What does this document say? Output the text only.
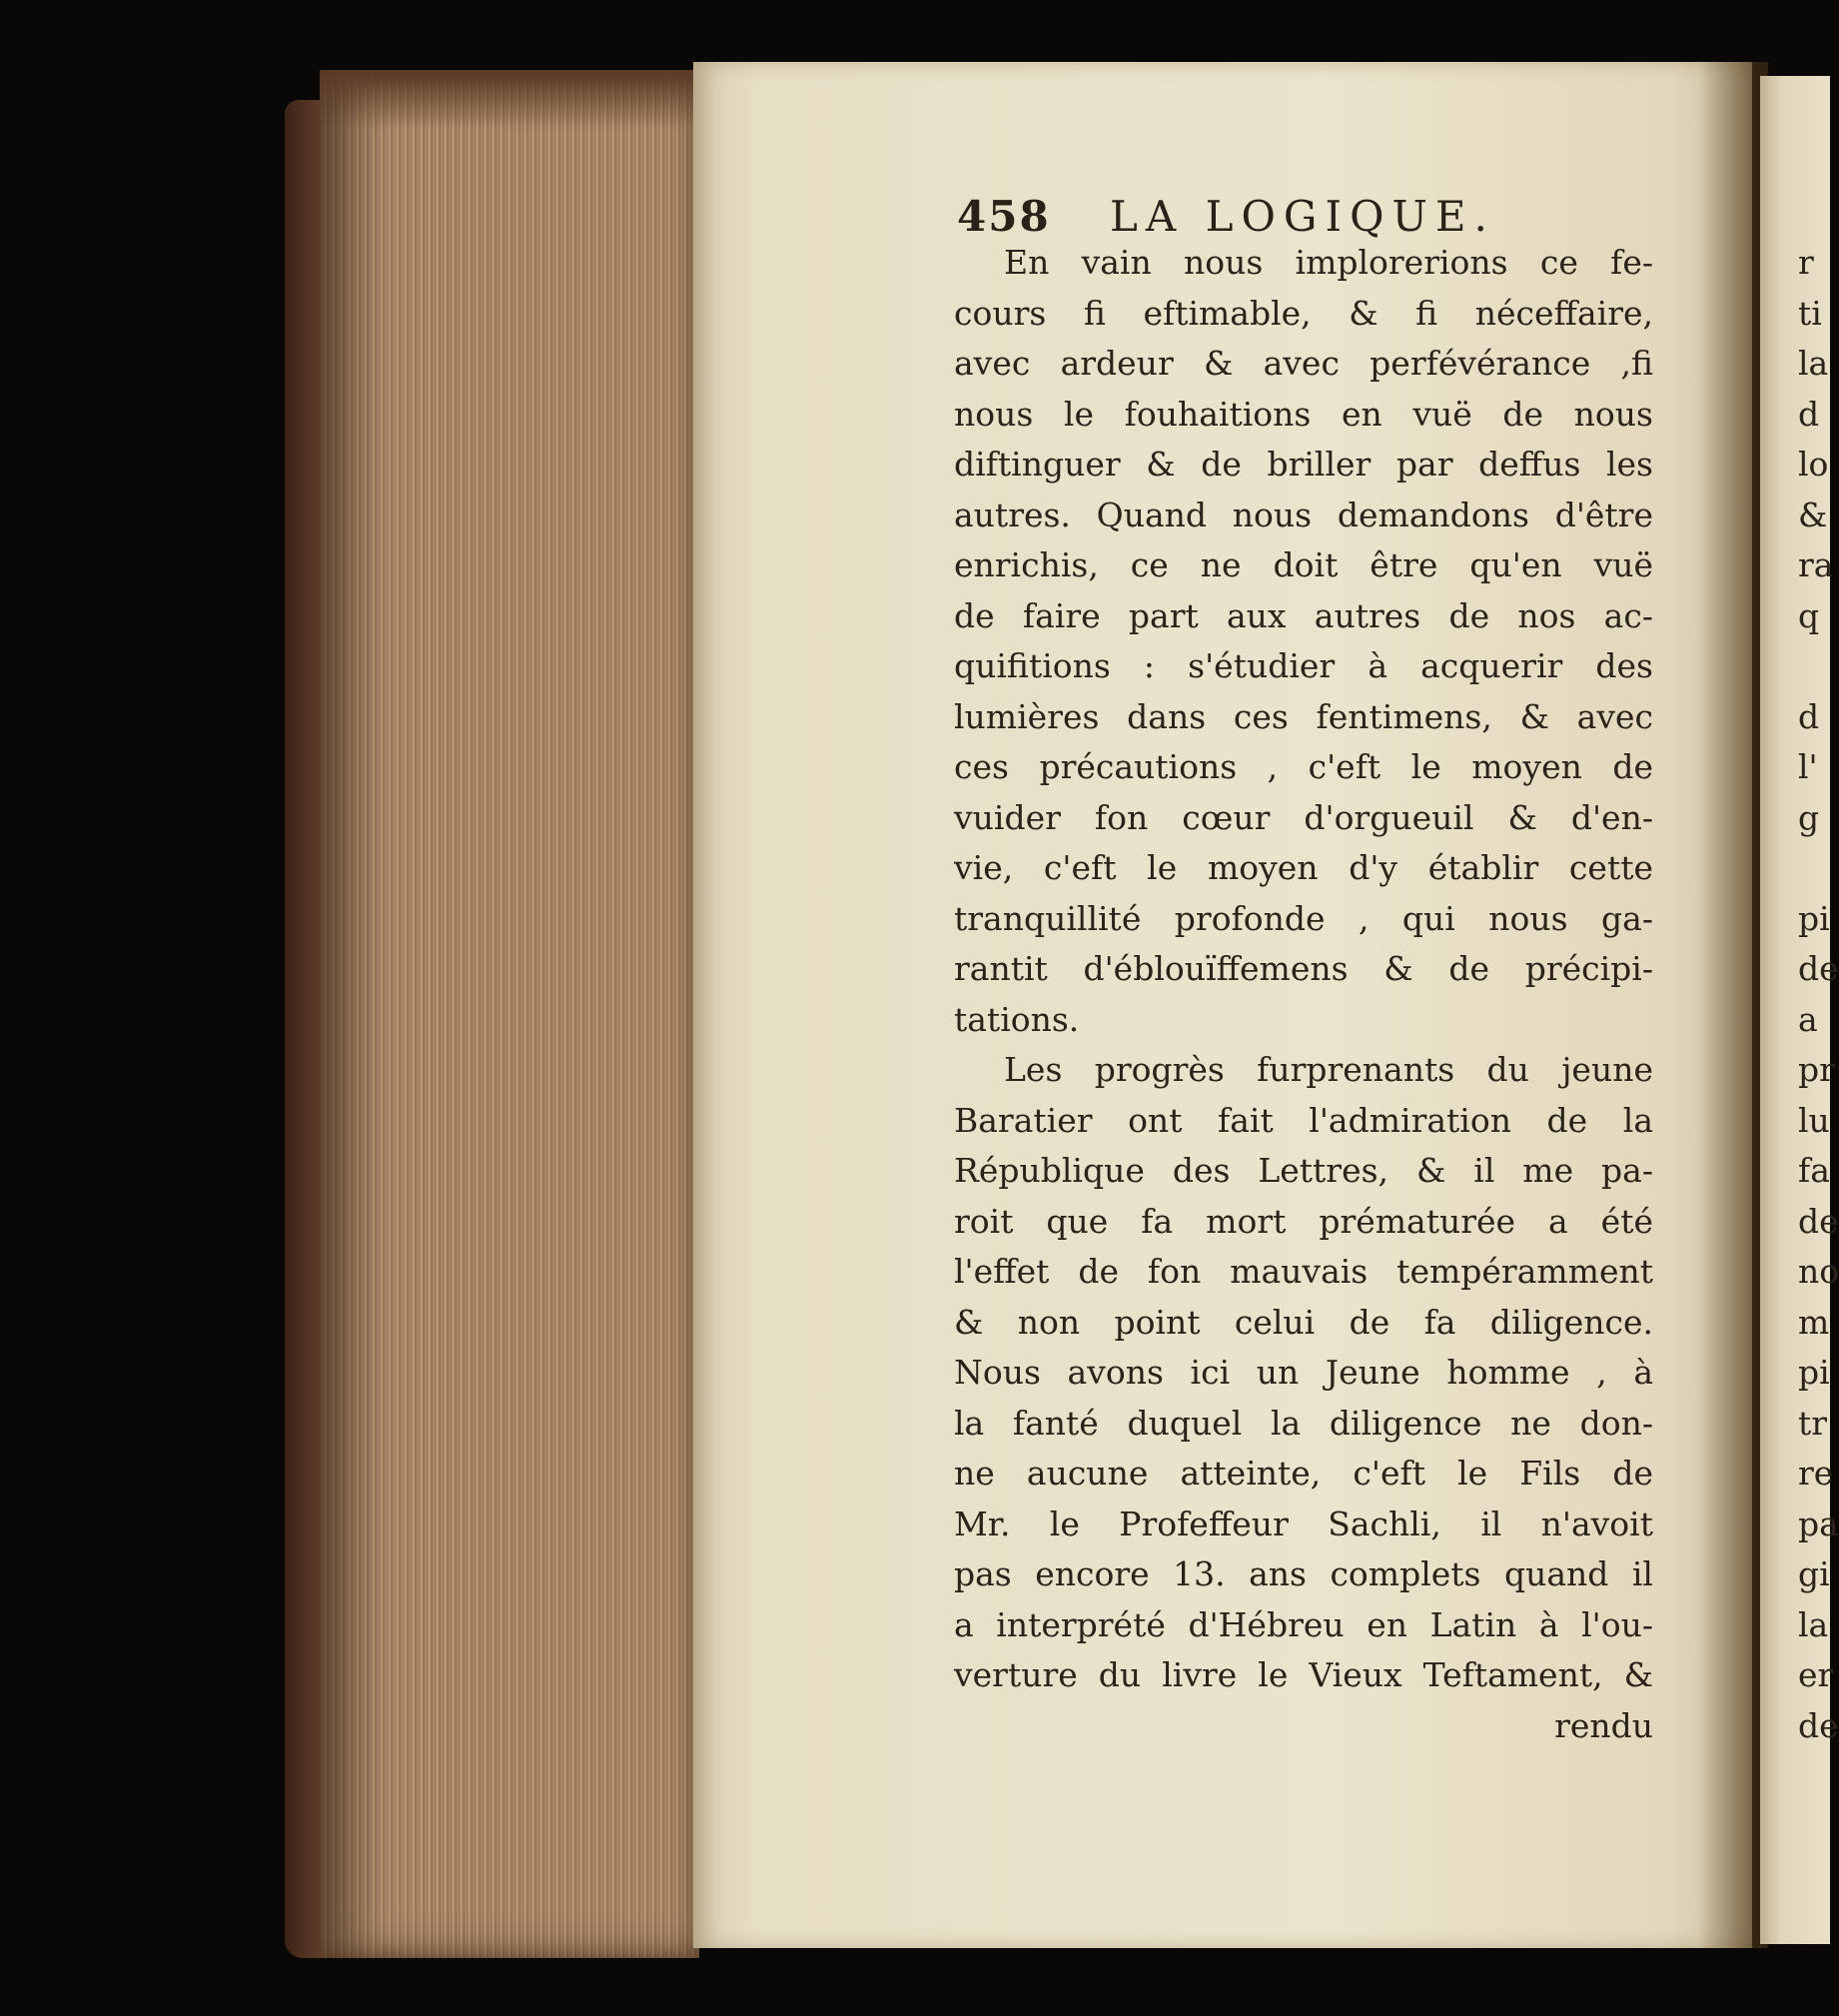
458 LA LOGIQUE.
En vain nous implorerions ce fe-
cours fi eftimable, & fi néceffaire,
avec ardeur & avec perfévérance ,fi
nous le fouhaitions en vuë de nous
diftinguer & de briller par deffus les
autres. Quand nous demandons d'être
enrichis, ce ne doit être qu'en vuë
de faire part aux autres de nos ac-
quifitions : s'étudier à acquerir des
lumières dans ces fentimens, & avec
ces précautions , c'eft le moyen de
vuider fon cœur d'orgueuil & d'en-
vie, c'eft le moyen d'y établir cette
tranquillité profonde , qui nous ga-
rantit d'éblouïffemens & de précipi-
tations.
Les progrès furprenants du jeune
Baratier ont fait l'admiration de la
République des Lettres, & il me pa-
roit que fa mort prématurée a été
l'effet de fon mauvais tempéramment
& non point celui de fa diligence.
Nous avons ici un Jeune homme , à
la fanté duquel la diligence ne don-
ne aucune atteinte, c'eft le Fils de
Mr. le Profeffeur Sachli, il n'avoit
pas encore 13. ans complets quand il
a interprété d'Hébreu en Latin à l'ou-
verture du livre le Vieux Teftament, &
rendu
r
ti
la
d
lo
&
ra
q
d
l'
g
pi
de
a
pr
lu
fa
de
no
m
pi
tr
re
pa
gi
la
er
de
